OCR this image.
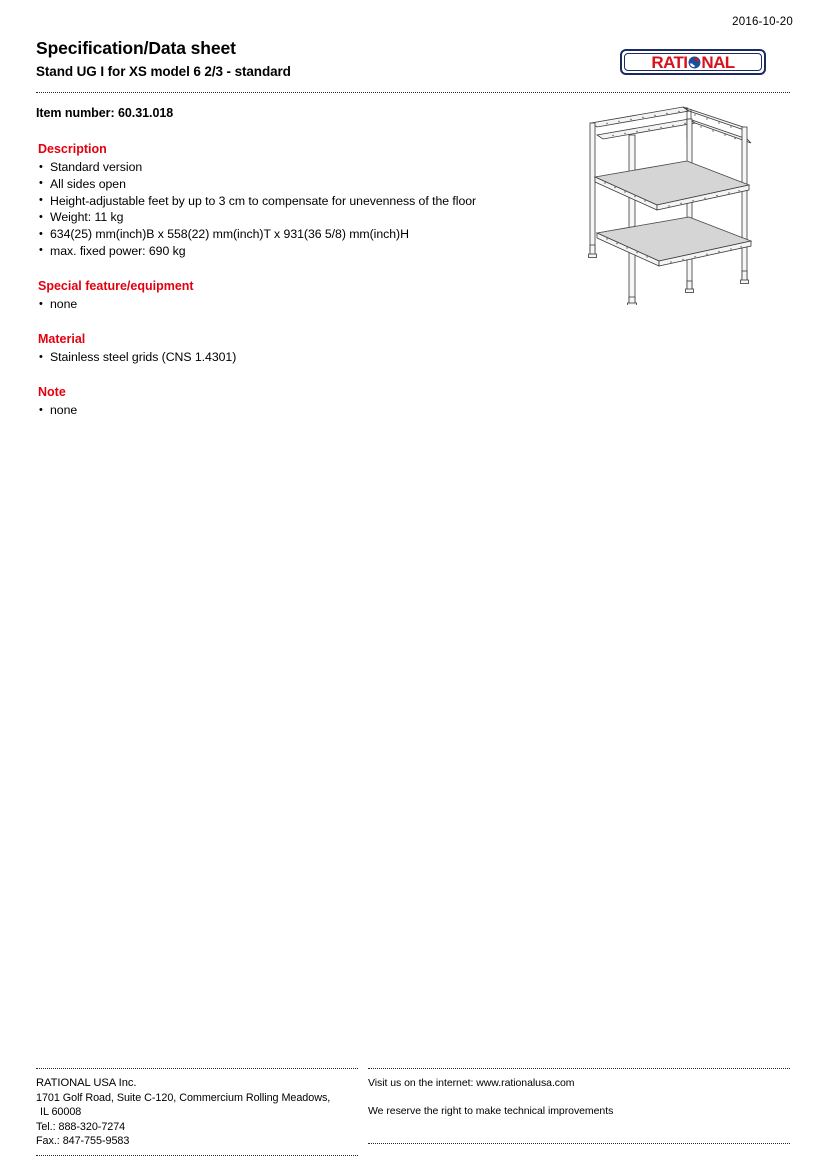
2016-10-20
Specification/Data sheet
Stand UG I for XS model 6 2/3 - standard	RATI NAL
Item number: 60.31.018
Description
• Standard version
• All sides open
• Height-adjustable feet by up to 3 cm to compensate for unevenness of the floor
• Weight: 11 kg
• 634(25) mm(inch)B x 558(22) mm(inch)T x 931(36 5/8) mm(inch)H
• max. fixed power: 690 kg
Special feature/equipment
• none
Material
• Stainless steel grids (CNS 1.4301)
Note
• none
RATIONAL USA Inc.
1701 Golf Road, Suite C-120, Commercium Rolling Meadows,
IL 60008
Tel.: 888-320-7274
Fax.: 847-755-9583
Visit us on the internet: www.rationalusa.com
We reserve the right to make technical improvements
